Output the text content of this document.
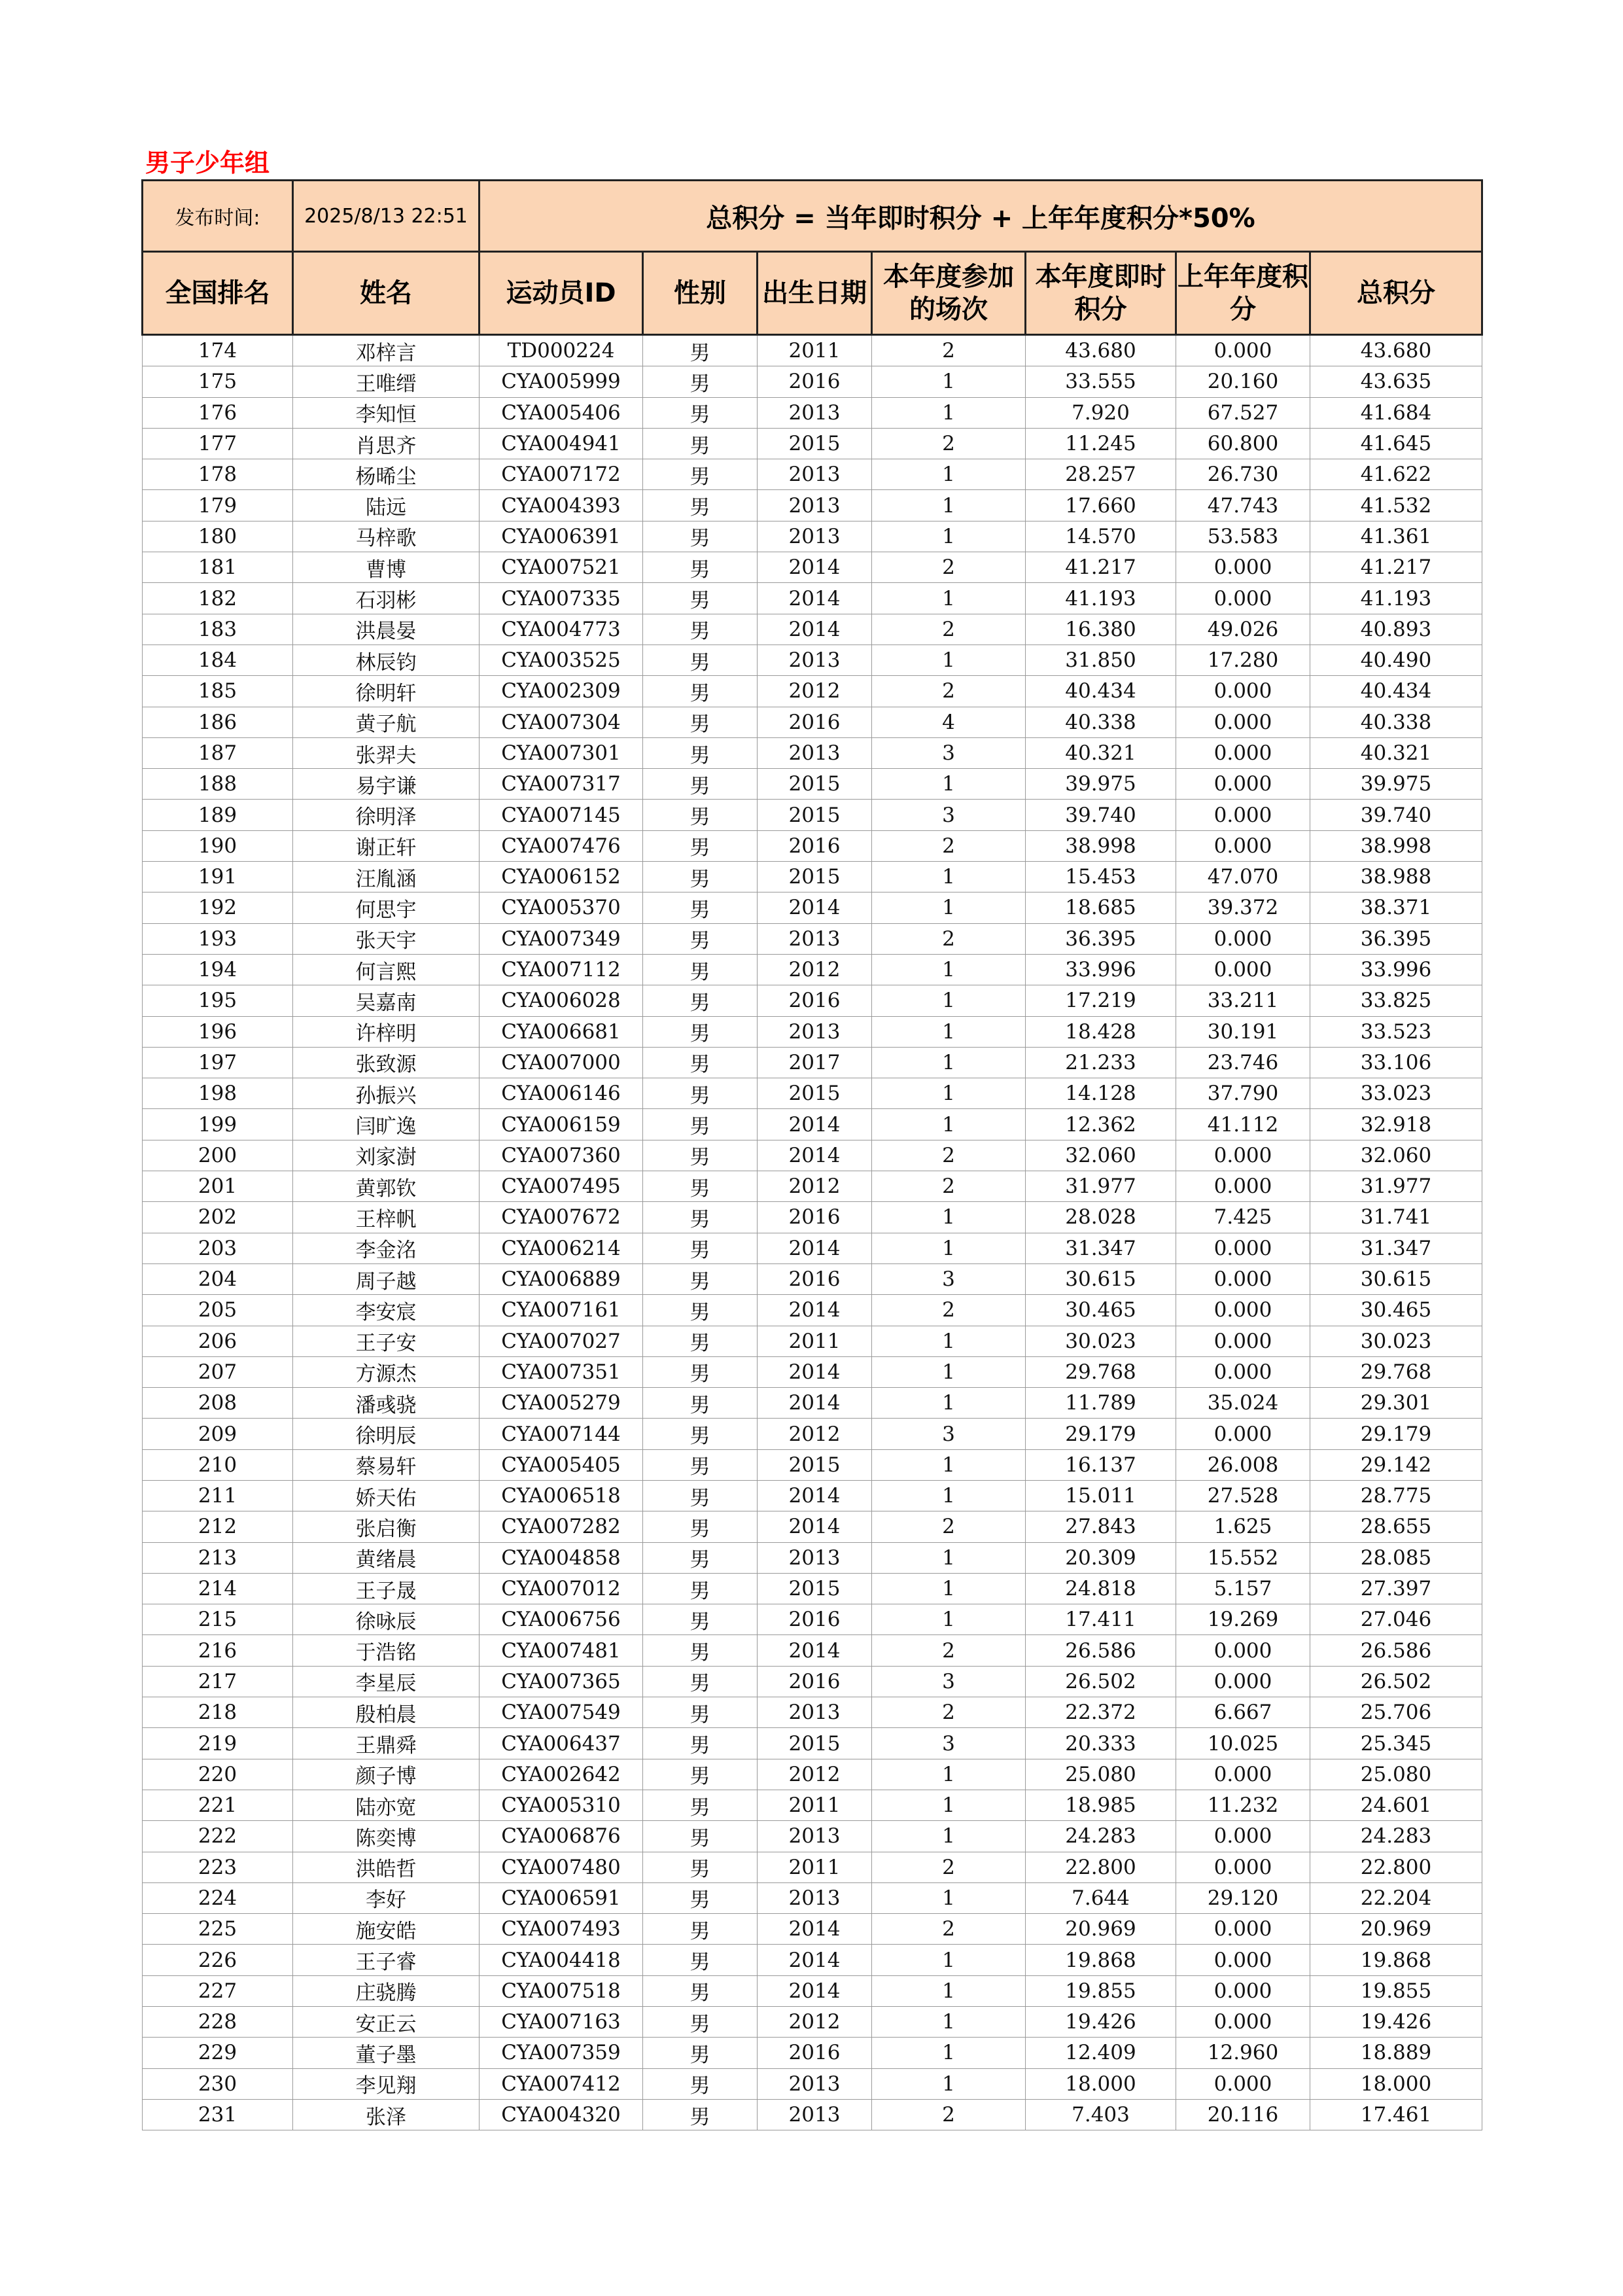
男子少年组
发布时间:	2025/8/13 22:51	总积分 = 当年即时积分 + 上年年度积分*50%						
全国排名	姓名	运动员ID	性别	出生日期	本年度参加的场次	本年度即时积分	上年年度积分	总积分
174	邓梓言	TD000224	男	2011	2	43.680	0.000	43.680
175	王唯缙	CYA005999	男	2016	1	33.555	20.160	43.635
176	李知恒	CYA005406	男	2013	1	7.920	67.527	41.684
177	肖思齐	CYA004941	男	2015	2	11.245	60.800	41.645
178	杨晞尘	CYA007172	男	2013	1	28.257	26.730	41.622
179	陆远	CYA004393	男	2013	1	17.660	47.743	41.532
180	马梓歌	CYA006391	男	2013	1	14.570	53.583	41.361
181	曹博	CYA007521	男	2014	2	41.217	0.000	41.217
182	石羽彬	CYA007335	男	2014	1	41.193	0.000	41.193
183	洪晨晏	CYA004773	男	2014	2	16.380	49.026	40.893
184	林辰钧	CYA003525	男	2013	1	31.850	17.280	40.490
185	徐明轩	CYA002309	男	2012	2	40.434	0.000	40.434
186	黄子航	CYA007304	男	2016	4	40.338	0.000	40.338
187	张羿夫	CYA007301	男	2013	3	40.321	0.000	40.321
188	易宇谦	CYA007317	男	2015	1	39.975	0.000	39.975
189	徐明泽	CYA007145	男	2015	3	39.740	0.000	39.740
190	谢正轩	CYA007476	男	2016	2	38.998	0.000	38.998
191	汪胤涵	CYA006152	男	2015	1	15.453	47.070	38.988
192	何思宇	CYA005370	男	2014	1	18.685	39.372	38.371
193	张天宇	CYA007349	男	2013	2	36.395	0.000	36.395
194	何言熙	CYA007112	男	2012	1	33.996	0.000	33.996
195	吴嘉南	CYA006028	男	2016	1	17.219	33.211	33.825
196	许梓明	CYA006681	男	2013	1	18.428	30.191	33.523
197	张致源	CYA007000	男	2017	1	21.233	23.746	33.106
198	孙振兴	CYA006146	男	2015	1	14.128	37.790	33.023
199	闫旷逸	CYA006159	男	2014	1	12.362	41.112	32.918
200	刘家澍	CYA007360	男	2014	2	32.060	0.000	32.060
201	黄郭钦	CYA007495	男	2012	2	31.977	0.000	31.977
202	王梓帆	CYA007672	男	2016	1	28.028	7.425	31.741
203	李金洺	CYA006214	男	2014	1	31.347	0.000	31.347
204	周子越	CYA006889	男	2016	3	30.615	0.000	30.615
205	李安宸	CYA007161	男	2014	2	30.465	0.000	30.465
206	王子安	CYA007027	男	2011	1	30.023	0.000	30.023
207	方源杰	CYA007351	男	2014	1	29.768	0.000	29.768
208	潘彧骁	CYA005279	男	2014	1	11.789	35.024	29.301
209	徐明辰	CYA007144	男	2012	3	29.179	0.000	29.179
210	蔡易轩	CYA005405	男	2015	1	16.137	26.008	29.142
211	娇天佑	CYA006518	男	2014	1	15.011	27.528	28.775
212	张启衡	CYA007282	男	2014	2	27.843	1.625	28.655
213	黄绪晨	CYA004858	男	2013	1	20.309	15.552	28.085
214	王子晟	CYA007012	男	2015	1	24.818	5.157	27.397
215	徐咏辰	CYA006756	男	2016	1	17.411	19.269	27.046
216	于浩铭	CYA007481	男	2014	2	26.586	0.000	26.586
217	李星辰	CYA007365	男	2016	3	26.502	0.000	26.502
218	殷柏晨	CYA007549	男	2013	2	22.372	6.667	25.706
219	王鼎舜	CYA006437	男	2015	3	20.333	10.025	25.345
220	颜子博	CYA002642	男	2012	1	25.080	0.000	25.080
221	陆亦宽	CYA005310	男	2011	1	18.985	11.232	24.601
222	陈奕博	CYA006876	男	2013	1	24.283	0.000	24.283
223	洪皓哲	CYA007480	男	2011	2	22.800	0.000	22.800
224	李好	CYA006591	男	2013	1	7.644	29.120	22.204
225	施安皓	CYA007493	男	2014	2	20.969	0.000	20.969
226	王子睿	CYA004418	男	2014	1	19.868	0.000	19.868
227	庄骁腾	CYA007518	男	2014	1	19.855	0.000	19.855
228	安正云	CYA007163	男	2012	1	19.426	0.000	19.426
229	董子墨	CYA007359	男	2016	1	12.409	12.960	18.889
230	李见翔	CYA007412	男	2013	1	18.000	0.000	18.000
231	张泽	CYA004320	男	2013	2	7.403	20.116	17.461
